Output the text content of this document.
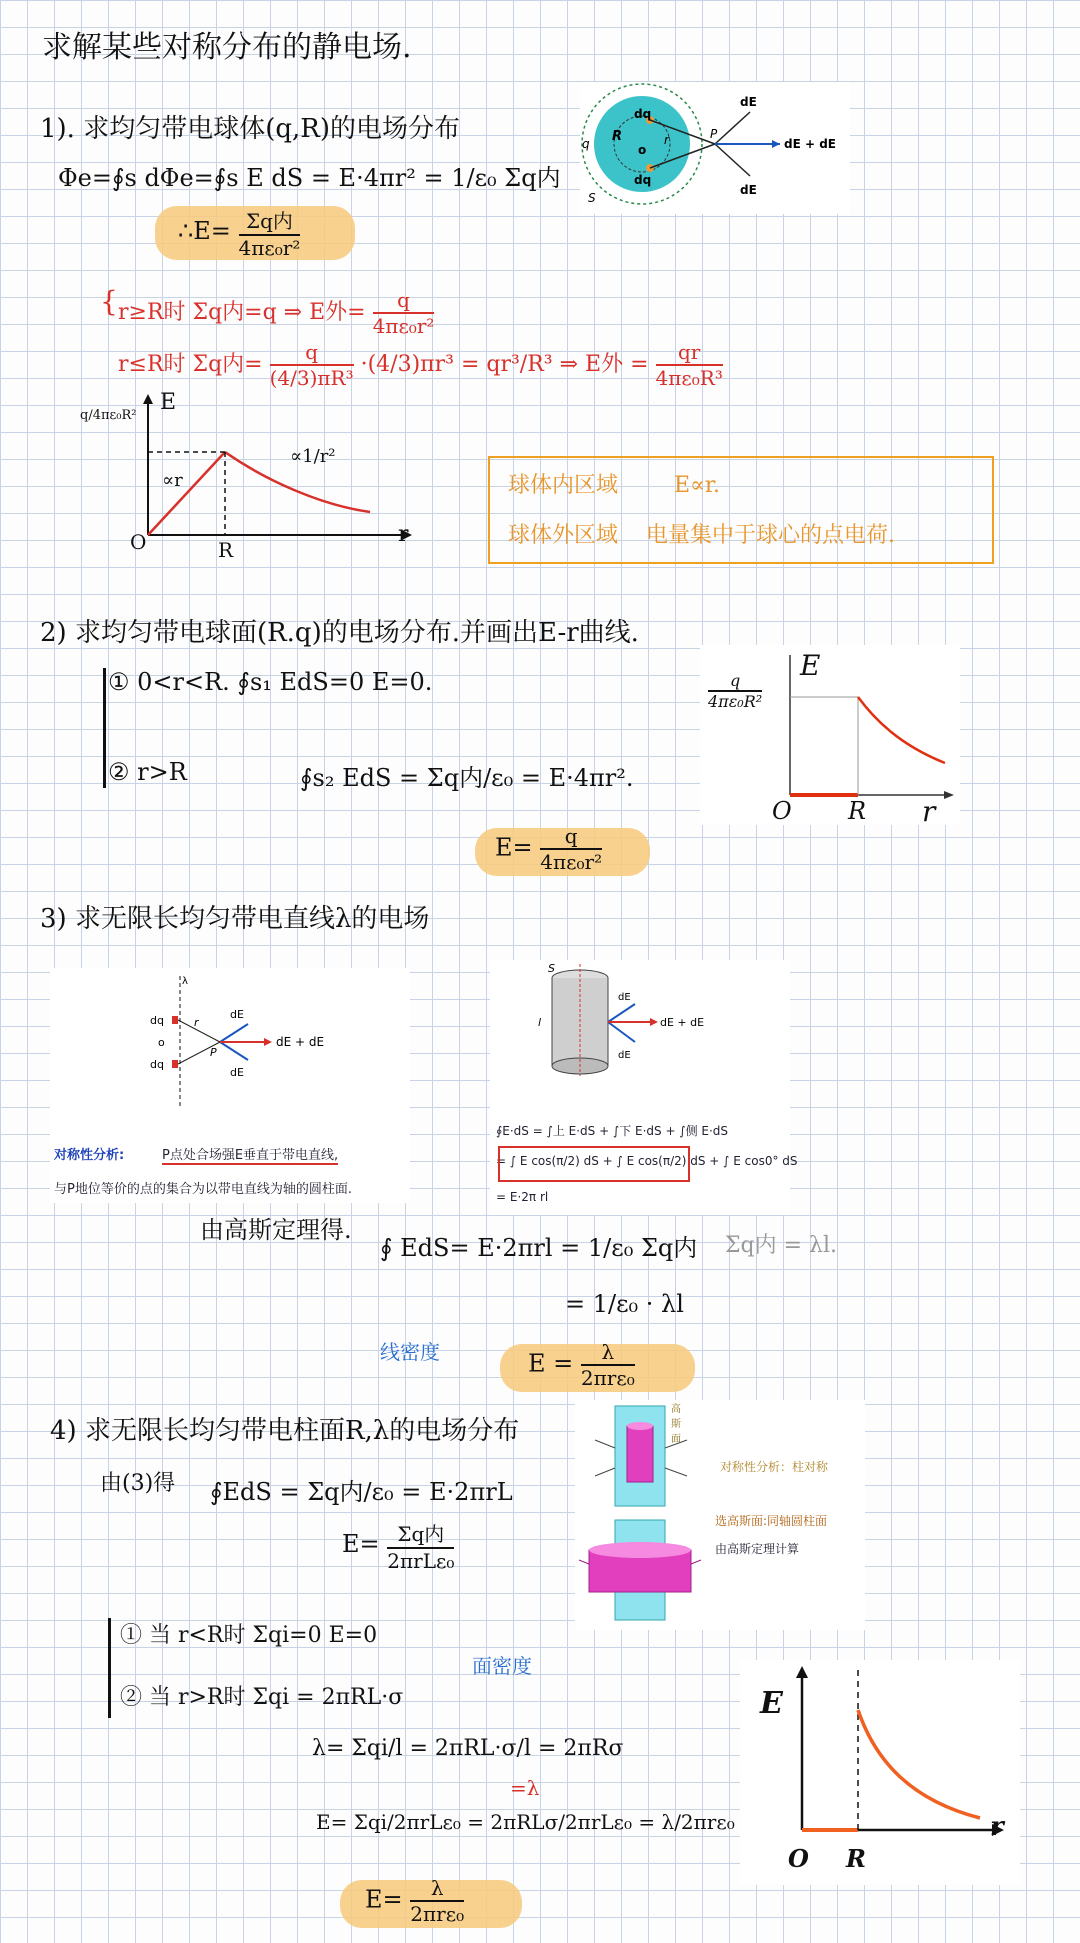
求解某些对称分布的静电场.
1). 求均匀带电球体(q,R)的电场分布
Φe=∮s dΦe=∮s E dS = E·4πr² = 1/ε₀ Σq内
∴E= $\frac{\text{Σq内}}{\text{4πε₀r²}}$
dq
dq
R	r
o
P
S
q
dE
dE
dE + dE
{ r≥R时 Σq内=q ⇒ E外= $\frac{q}{\text{4πε₀r²}}$
r≤R时 Σq内= $\frac{q}{\text{(4/3)πR³}} \cdot(4/3)\pi r^3 = qr^3/R^3$ ⇒ E外 = $\frac{qr}{\text{4πε₀R³}}$
E
r
O	R
q/4πε₀R²
∝r
∝1/r²
球体内区域	E∝r.
球体外区域 电量集中于球心的点电荷.
2) 求均匀带电球面(R.q)的电场分布.并画出E-r曲线.
① 0<r<R. ∮s₁ EdS=0 E=0.
② r>R	∮s₂ EdS = Σq内/ε₀ = E·4πr².
$E= \frac{q}{\text{4πε₀r²}}$
E
r
O R
$\frac{q}{\text{4πε₀R²}}$
3) 求无限长均匀带电直线λ的电场
λ
dq	r
o
P
dq
dE
dE
dE + dE
对称性分析:	P点处合场强E垂直于带电直线,
与P地位等价的点的集合为以带电直线为轴的圆柱面.
S
l
dE
dE
dE + dE
∮E·dS = ∫上 E·dS + ∫下 E·dS + ∫侧 E·dS
= ∫ E cos(π/2) dS + ∫ E cos(π/2) dS + ∫ E cos0° dS
= E·2π rl
由高斯定理得.
∮ EdS= E·2πrl = 1/ε₀ Σq内 Σq内 = λl.
= 1/ε₀ · λl
线密度	$E = \frac{\lambda}{\text{2πrε₀}}$
4) 求无限长均匀带电柱面R,λ的电场分布
由(3)得 ∮EdS = Σq内/ε₀ = E·2πrL
$E= \frac{\text{Σq内}}{\text{2πrLε₀}}$
高斯面
对称性分析：柱对称
选高斯面:同轴圆柱面
由高斯定理计算
① 当 r<R时 Σqi=0 E=0
② 当 r>R时 Σqi = 2πRL·σ
面密度
λ= Σqi/l = 2πRL·σ/l = 2πRσ
=λ
E= Σqi/2πrLε₀ = 2πRLσ/2πrLε₀ = λ/2πrε₀
$E= \frac{\lambda}{\text{2πrε₀}}$
E
r
O R
